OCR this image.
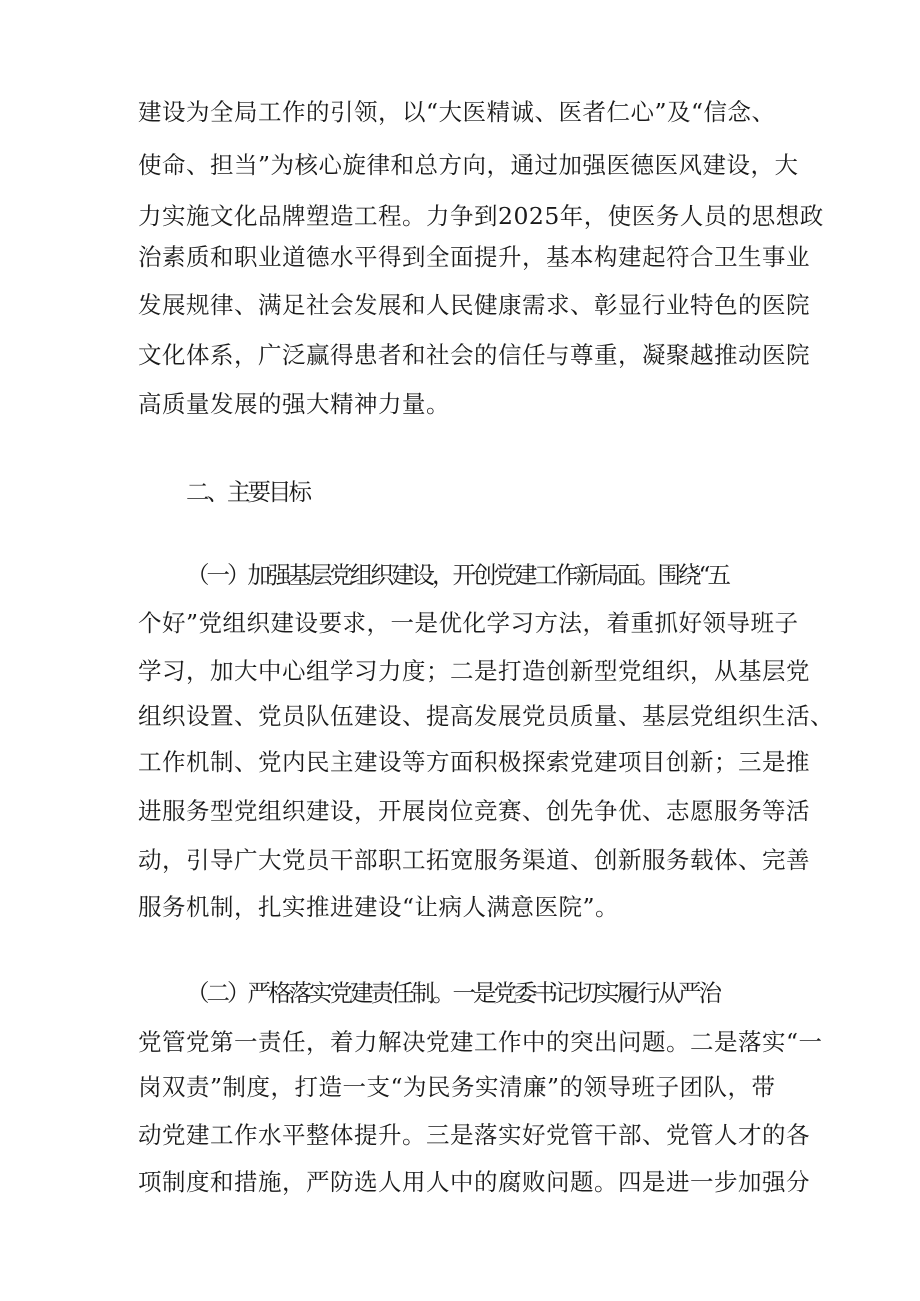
建设为全局工作的引领，以“大医精诚、医者仁心”及“信念、
使命、担当”为核心旋律和总方向，通过加强医德医风建设，大
力实施文化品牌塑造工程。力争到2025年，使医务人员的思想政
治素质和职业道德水平得到全面提升，基本构建起符合卫生事业
发展规律、满足社会发展和人民健康需求、彰显行业特色的医院
文化体系，广泛赢得患者和社会的信任与尊重，凝聚越推动医院
高质量发展的强大精神力量。
二、主要目标
（一）加强基层党组织建设，开创党建工作新局面。围绕“五
个好”党组织建设要求，一是优化学习方法，着重抓好领导班子
学习，加大中心组学习力度；二是打造创新型党组织，从基层党
组织设置、党员队伍建设、提高发展党员质量、基层党组织生活、
工作机制、党内民主建设等方面积极探索党建项目创新；三是推
进服务型党组织建设，开展岗位竞赛、创先争优、志愿服务等活
动，引导广大党员干部职工拓宽服务渠道、创新服务载体、完善
服务机制，扎实推进建设“让病人满意医院”。
（二）严格落实党建责任制。一是党委书记切实履行从严治
党管党第一责任，着力解决党建工作中的突出问题。二是落实“一
岗双责”制度，打造一支“为民务实清廉”的领导班子团队，带
动党建工作水平整体提升。三是落实好党管干部、党管人才的各
项制度和措施，严防选人用人中的腐败问题。四是进一步加强分
